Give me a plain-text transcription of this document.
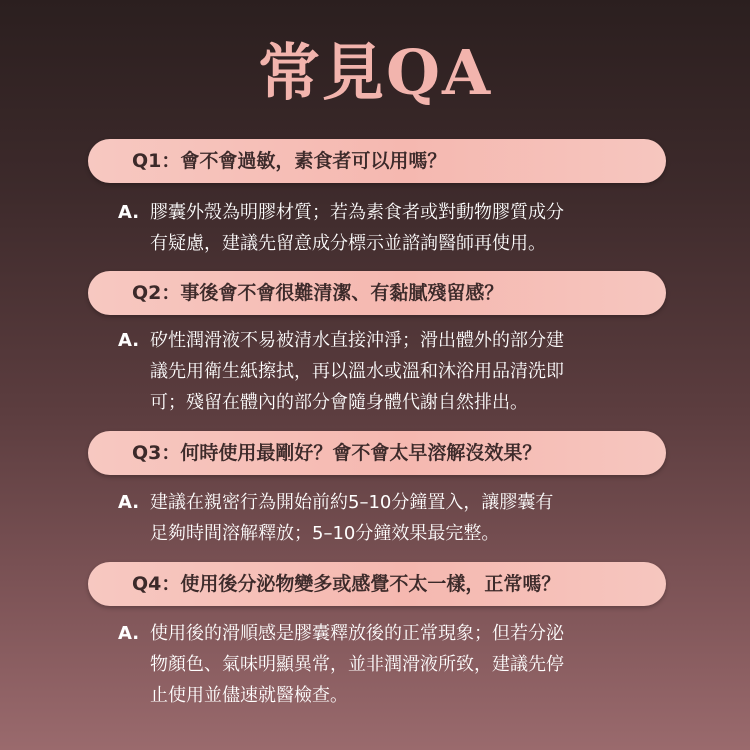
常見QA
Q1：會不會過敏，素食者可以用嗎？
A. 膠囊外殼為明膠材質；若為素食者或對動物膠質成分
有疑慮，建議先留意成分標示並諮詢醫師再使用。
Q2：事後會不會很難清潔、有黏膩殘留感？
A. 矽性潤滑液不易被清水直接沖淨；滑出體外的部分建
議先用衛生紙擦拭，再以溫水或溫和沐浴用品清洗即
可；殘留在體內的部分會隨身體代謝自然排出。
Q3：何時使用最剛好？會不會太早溶解沒效果？
A. 建議在親密行為開始前約5–10分鐘置入，讓膠囊有
足夠時間溶解釋放；5–10分鐘效果最完整。
Q4：使用後分泌物變多或感覺不太一樣，正常嗎？
A. 使用後的滑順感是膠囊釋放後的正常現象；但若分泌
物顏色、氣味明顯異常，並非潤滑液所致，建議先停
止使用並儘速就醫檢查。
